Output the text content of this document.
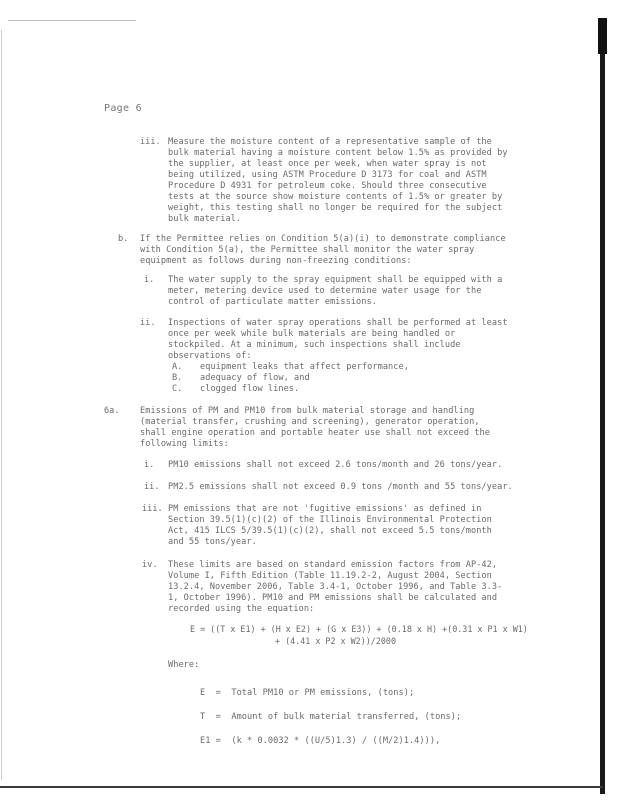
Page 6
iii. Measure the moisture content of a representative sample of the
bulk material having a moisture content below 1.5% as provided by
the supplier, at least once per week, when water spray is not
being utilized, using ASTM Procedure D 3173 for coal and ASTM
Procedure D 4931 for petroleum coke. Should three consecutive
tests at the source show moisture contents of 1.5% or greater by
weight, this testing shall no longer be required for the subject
bulk material.
b. If the Permittee relies on Condition 5(a)(i) to demonstrate compliance
with Condition 5(a), the Permittee shall monitor the water spray
equipment as follows during non-freezing conditions:
i. The water supply to the spray equipment shall be equipped with a
meter, metering device used to determine water usage for the
control of particulate matter emissions.
ii. Inspections of water spray operations shall be performed at least
once per week while bulk materials are being handled or
stockpiled. At a minimum, such inspections shall include
observations of:
A. equipment leaks that affect performance,
B. adequacy of flow, and
C. clogged flow lines.
6a. Emissions of PM and PM10 from bulk material storage and handling
(material transfer, crushing and screening), generator operation,
shall engine operation and portable heater use shall not exceed the
following limits:
i. PM10 emissions shall not exceed 2.6 tons/month and 26 tons/year.
ii. PM2.5 emissions shall not exceed 0.9 tons /month and 55 tons/year.
iii. PM emissions that are not 'fugitive emissions' as defined in
Section 39.5(1)(c)(2) of the Illinois Environmental Protection
Act, 415 ILCS 5/39.5(1)(c)(2), shall not exceed 5.5 tons/month
and 55 tons/year.
iv. These limits are based on standard emission factors from AP-42,
Volume I, Fifth Edition (Table 11.19.2-2, August 2004, Section
13.2.4, November 2006, Table 3.4-1, October 1996, and Table 3.3-
1, October 1996). PM10 and PM emissions shall be calculated and
recorded using the equation:
E = ((T x E1) + (H x E2) + (G x E3)) + (0.18 x H) +(0.31 x P1 x W1)
+ (4.41 x P2 x W2))/2000
Where:
E  =  Total PM10 or PM emissions, (tons);
T  =  Amount of bulk material transferred, (tons);
E1 =  (k * 0.0032 * ((U/5)1.3) / ((M/2)1.4))),
